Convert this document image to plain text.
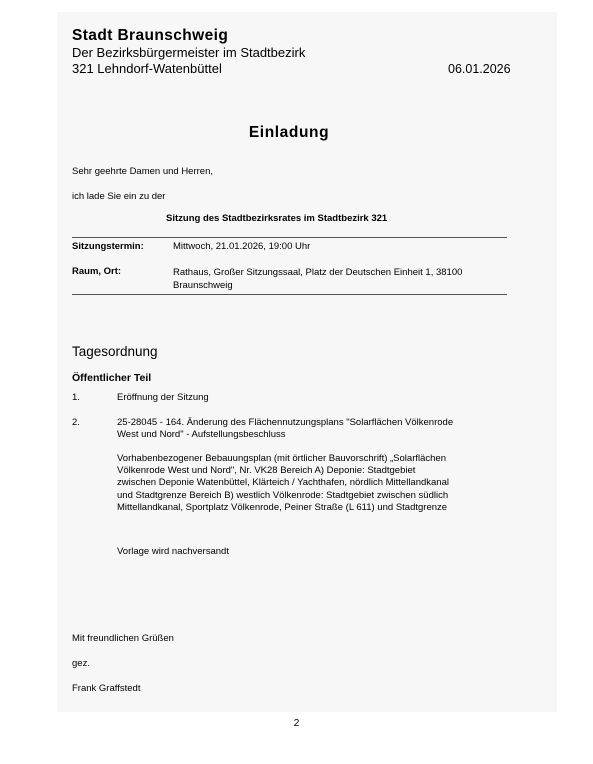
Stadt Braunschweig
Der Bezirksbürgermeister im Stadtbezirk
321 Lehndorf-Watenbüttel	06.01.2026
Einladung
Sehr geehrte Damen und Herren,
ich lade Sie ein zu der
Sitzung des Stadtbezirksrates im Stadtbezirk 321
Sitzungstermin:	Mittwoch, 21.01.2026, 19:00 Uhr
Raum, Ort:	Rathaus, Großer Sitzungssaal, Platz der Deutschen Einheit 1, 38100 Braunschweig
Tagesordnung
Öffentlicher Teil
1.	Eröffnung der Sitzung
2.	25-28045 - 164. Änderung des Flächennutzungsplans "Solarflächen Völkenrode West und Nord" - Aufstellungsbeschluss
Vorhabenbezogener Bebauungsplan (mit örtlicher Bauvorschrift) „Solarflächen Völkenrode West und Nord", Nr. VK28 Bereich A) Deponie: Stadtgebiet zwischen Deponie Watenbüttel, Klärteich / Yachthafen, nördlich Mittellandkanal und Stadtgrenze Bereich B) westlich Völkenrode: Stadtgebiet zwischen südlich Mittellandkanal, Sportplatz Völkenrode, Peiner Straße (L 611) und Stadtgrenze
Vorlage wird nachversandt
Mit freundlichen Grüßen
gez.
Frank Graffstedt
2
